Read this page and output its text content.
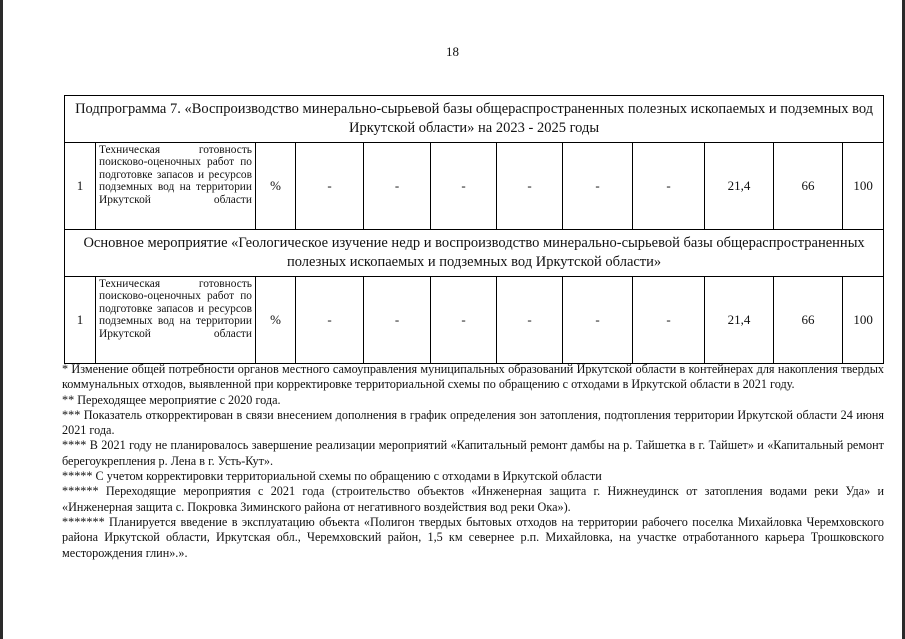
18
Подпрограмма 7. «Воспроизводство минерально-сырьевой базы общераспространенных полезных ископаемых и подземных вод Иркутской области» на 2023 - 2025 годы											
1	Техническая готовность поисково-оценочных работ по подготовке запасов и ресурсов подземных вод на территории Иркутской области	%	-	-	-	-	-	-	21,4	66	100
Основное мероприятие «Геологическое изучение недр и воспроизводство минерально-сырьевой базы общераспространенных полезных ископаемых и подземных вод Иркутской области»											
1	Техническая готовность поисково-оценочных работ по подготовке запасов и ресурсов подземных вод на территории Иркутской области	%	-	-	-	-	-	-	21,4	66	100

* Изменение общей потребности органов местного самоуправления муниципальных образований Иркутской области в контейнерах для накопления твердых коммунальных отходов, выявленной при корректировке территориальной схемы по обращению с отходами в Иркутской области в 2021 году.

** Переходящее мероприятие с 2020 года.

*** Показатель откорректирован в связи внесением дополнения в график определения зон затопления, подтопления территории Иркутской области 24 июня 2021 года.

**** В 2021 году не планировалось завершение реализации мероприятий «Капитальный ремонт дамбы на р. Тайшетка в г. Тайшет» и «Капитальный ремонт берегоукрепления р. Лена в г. Усть-Кут».

***** С учетом корректировки территориальной схемы по обращению с отходами в Иркутской области

****** Переходящие мероприятия с 2021 года (строительство объектов «Инженерная защита г. Нижнеудинск от затопления водами реки Уда» и «Инженерная защита с. Покровка Зиминского района от негативного воздействия вод реки Ока»).

******* Планируется введение в эксплуатацию объекта «Полигон твердых бытовых отходов на территории рабочего поселка Михайловка Черемховского района Иркутской области, Иркутская обл., Черемховский район, 1,5 км севернее р.п. Михайловка, на участке отработанного карьера Трошковского месторождения глин».».
